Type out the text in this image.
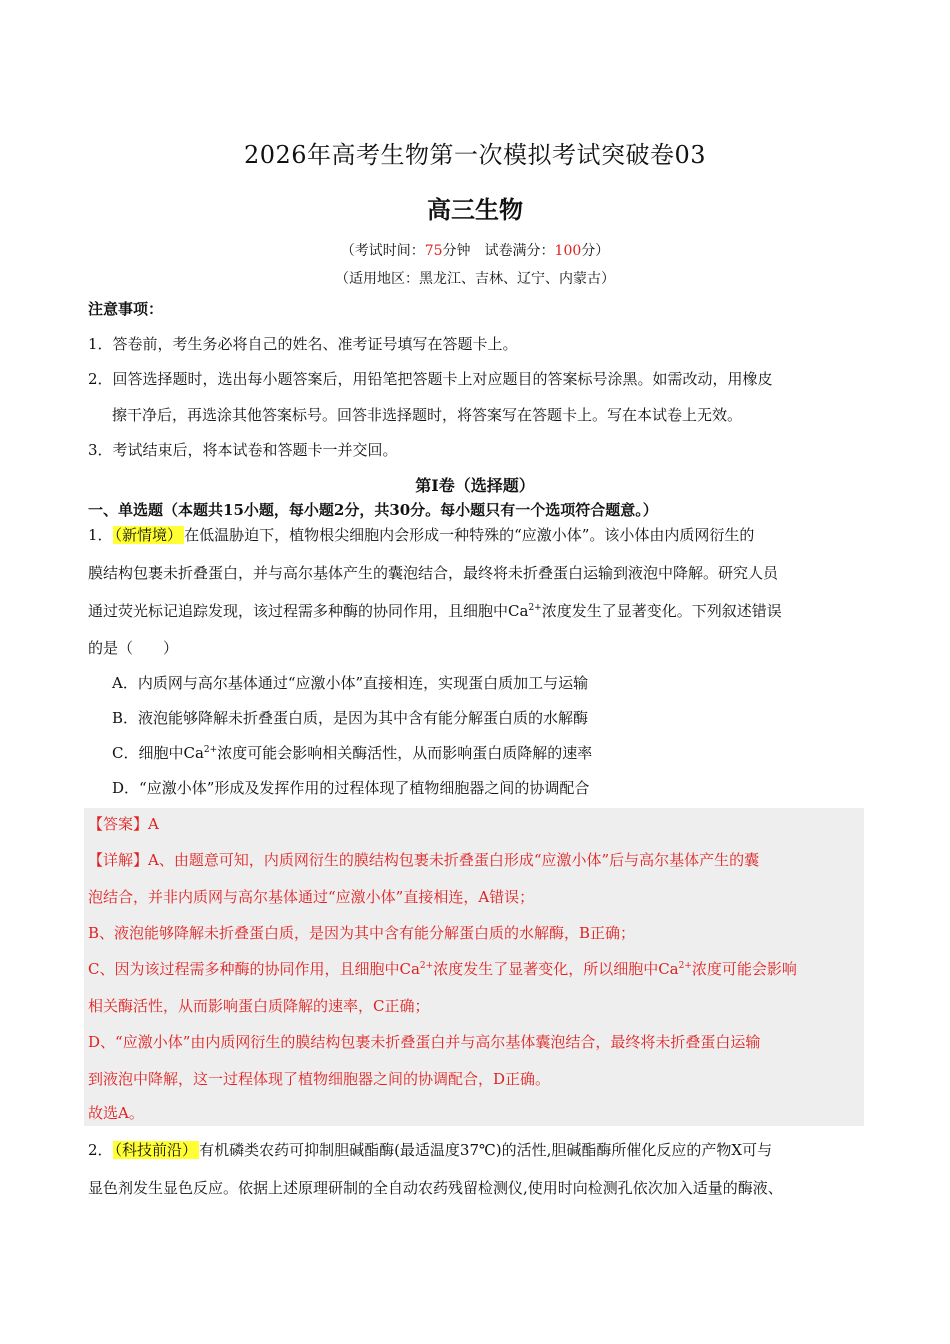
2026年高考生物第一次模拟考试突破卷03
高三生物
（考试时间：75分钟　试卷满分：100分）
（适用地区：黑龙江、吉林、辽宁、内蒙古）
注意事项：
1．答卷前，考生务必将自己的姓名、准考证号填写在答题卡上。
2．回答选择题时，选出每小题答案后，用铅笔把答题卡上对应题目的答案标号涂黑。如需改动，用橡皮
擦干净后，再选涂其他答案标号。回答非选择题时，将答案写在答题卡上。写在本试卷上无效。
3．考试结束后，将本试卷和答题卡一并交回。
第Ⅰ卷（选择题）
一、单选题（本题共15小题，每小题2分，共30分。每小题只有一个选项符合题意。）
1． （新情境） 在低温胁迫下，植物根尖细胞内会形成一种特殊的“应激小体”。该小体由内质网衍生的
膜结构包裹未折叠蛋白，并与高尔基体产生的囊泡结合，最终将未折叠蛋白运输到液泡中降解。研究人员
通过荧光标记追踪发现，该过程需多种酶的协同作用，且细胞中$Ca^{2+}$浓度发生了显著变化。下列叙述错误
的是（　　）
A．内质网与高尔基体通过“应激小体”直接相连，实现蛋白质加工与运输
B．液泡能够降解未折叠蛋白质，是因为其中含有能分解蛋白质的水解酶
C．细胞中$Ca^{2+}$浓度可能会影响相关酶活性，从而影响蛋白质降解的速率
D．“应激小体”形成及发挥作用的过程体现了植物细胞器之间的协调配合
【答案】A
【详解】A、由题意可知，内质网衍生的膜结构包裹未折叠蛋白形成“应激小体”后与高尔基体产生的囊
泡结合，并非内质网与高尔基体通过“应激小体”直接相连，A错误；
B、液泡能够降解未折叠蛋白质，是因为其中含有能分解蛋白质的水解酶，B正确；
C、因为该过程需多种酶的协同作用，且细胞中$Ca^{2+}$浓度发生了显著变化，所以细胞中$Ca^{2+}$浓度可能会影响
相关酶活性，从而影响蛋白质降解的速率，C正确；
D、“应激小体”由内质网衍生的膜结构包裹未折叠蛋白并与高尔基体囊泡结合，最终将未折叠蛋白运输
到液泡中降解，这一过程体现了植物细胞器之间的协调配合，D正确。
故选A。
2． （科技前沿） 有机磷类农药可抑制胆碱酯酶(最适温度37℃)的活性,胆碱酯酶所催化反应的产物X可与
显色剂发生显色反应。依据上述原理研制的全自动农药残留检测仪,使用时向检测孔依次加入适量的酶液、
